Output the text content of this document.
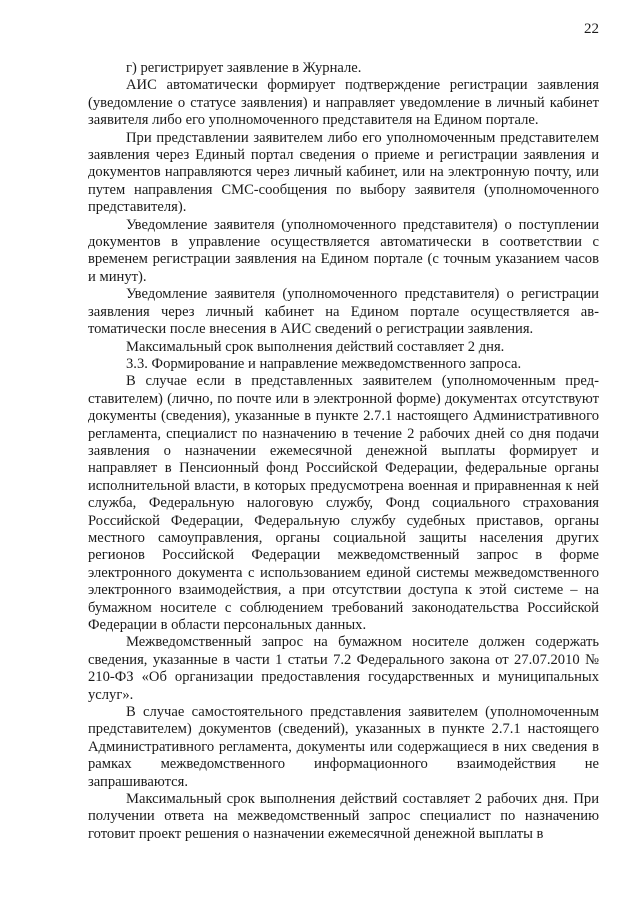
22

г) регистрирует заявление в Журнале.

АИС автоматически формирует подтверждение регистрации заявления (уведомление о статусе заявления) и направляет уведомление в личный кабинет заявителя либо его уполномоченного представителя на Едином портале.

При представлении заявителем либо его уполномоченным представителем заявления через Единый портал сведения о приеме и регистрации заявления и документов направляются через личный кабинет, или на электронную почту, или путем направления СМС-сообщения по выбору заявителя (уполномоченного представителя).

Уведомление заявителя (уполномоченного представителя) о поступлении документов в управление осуществляется автоматически в соответствии с временем регистрации заявления на Едином портале (с точным указанием часов и минут).

Уведомление заявителя (уполномоченного представителя) о регистрации заявления через личный кабинет на Едином портале осуществляется автоматически после внесения в АИС сведений о регистрации заявления.

Максимальный срок выполнения действий составляет 2 дня.

3.3. Формирование и направление межведомственного запроса.

В случае если в представленных заявителем (уполномоченным представителем) (лично, по почте или в электронной форме) документах отсутствуют документы (сведения), указанные в пункте 2.7.1 настоящего Административного регламента, специалист по назначению в течение 2 рабочих дней со дня подачи заявления о назначении ежемесячной денежной выплаты формирует и направляет в Пенсионный фонд Российской Федерации, федеральные органы исполнительной власти, в которых предусмотрена военная и приравненная к ней служба, Федеральную налоговую службу, Фонд социального страхования Российской Федерации, Федеральную службу судебных приставов, органы местного самоуправления, органы социальной защиты населения других регионов Российской Федерации межведомственный запрос в форме электронного документа с использованием единой системы межведомственного электронного взаимодействия, а при отсутствии доступа к этой системе – на бумажном носителе с соблюдением требований законодательства Российской Федерации в области персональных данных.

Межведомственный запрос на бумажном носителе должен содержать сведения, указанные в части 1 статьи 7.2 Федерального закона от 27.07.2010 № 210-ФЗ «Об организации предоставления государственных и муниципальных услуг».

В случае самостоятельного представления заявителем (уполномоченным представителем) документов (сведений), указанных в пункте 2.7.1 настоящего Административного регламента, документы или содержащиеся в них сведения в рамках межведомственного информационного взаимодействия не запрашиваются.

Максимальный срок выполнения действий составляет 2 рабочих дня. При получении ответа на межведомственный запрос специалист по назначению готовит проект решения о назначении ежемесячной денежной выплаты в
